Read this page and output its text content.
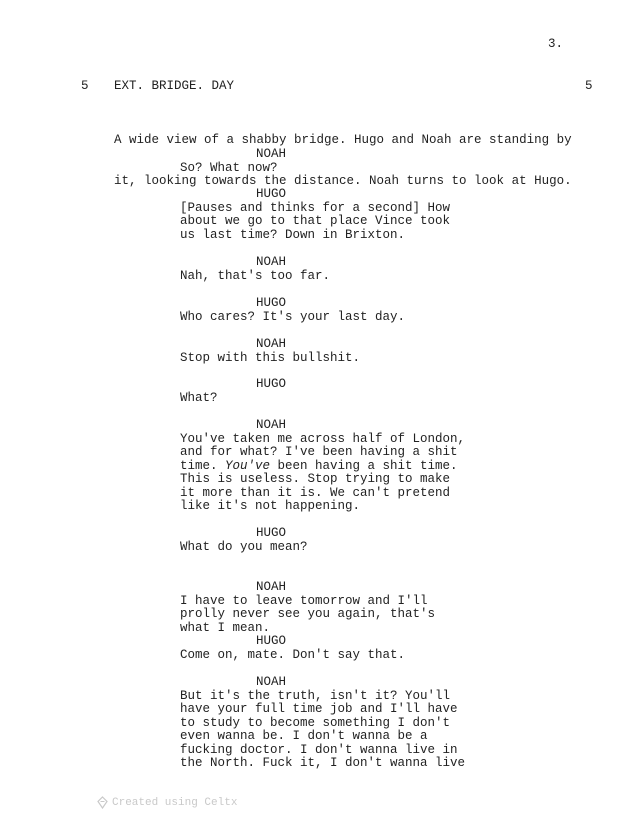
3.
5 EXT. BRIDGE. DAY	5

A wide view of a shabby bridge. Hugo and Noah are standing by

it, looking towards the distance. Noah turns to look at Hugo.

NOAH
So? What now?
HUGO
[Pauses and thinks for a second] How
about we go to that place Vince took
us last time? Down in Brixton.
NOAH
Nah, that's too far.
HUGO
Who cares? It's your last day.
NOAH
Stop with this bullshit.
HUGO
What?
NOAH
You've taken me across half of London,
and for what? I've been having a shit
time. You've been having a shit time.
This is useless. Stop trying to make
it more than it is. We can't pretend
like it's not happening.
HUGO
What do you mean?
NOAH
I have to leave tomorrow and I'll
prolly never see you again, that's
what I mean.
HUGO
Come on, mate. Don't say that.
NOAH
But it's the truth, isn't it? You'll
have your full time job and I'll have
to study to become something I don't
even wanna be. I don't wanna be a
fucking doctor. I don't wanna live in
the North. Fuck it, I don't wanna live
Created using Celtx
